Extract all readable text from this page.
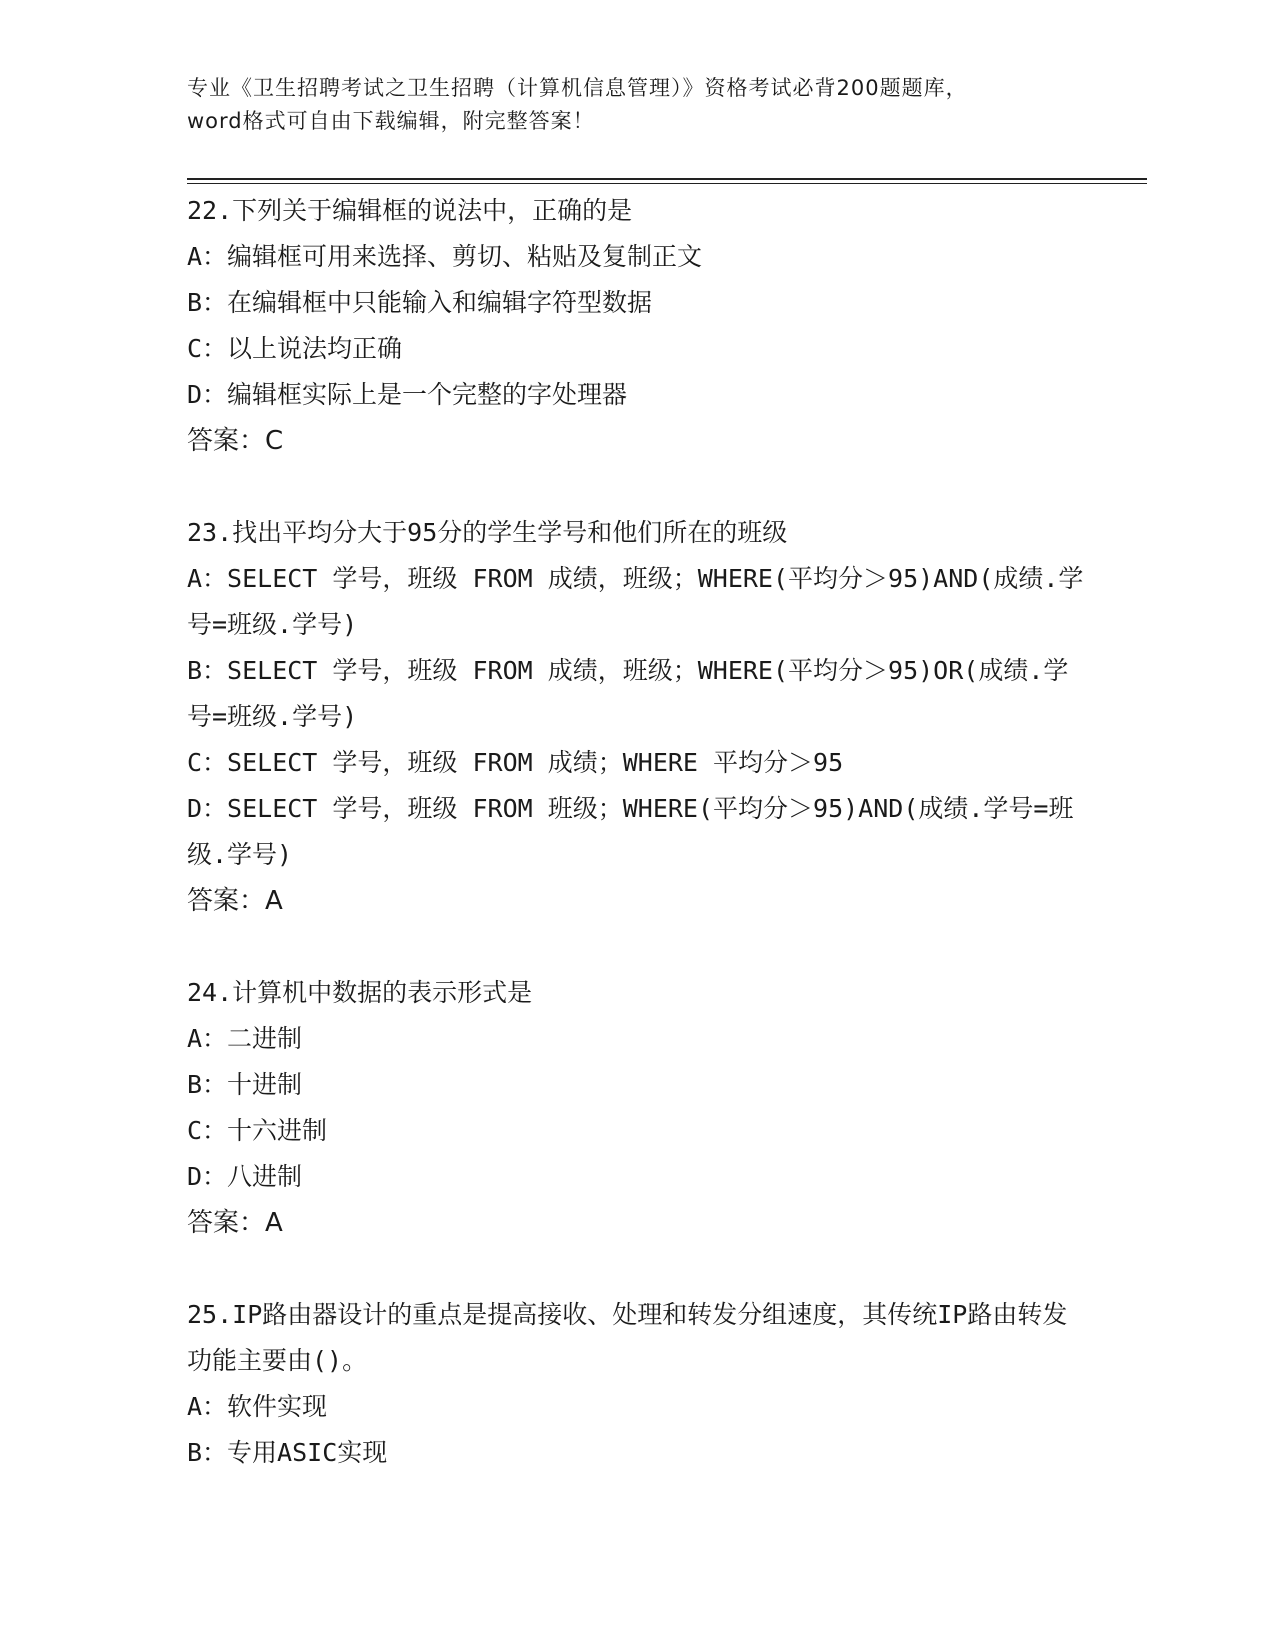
专业《卫生招聘考试之卫生招聘（计算机信息管理）》资格考试必背200题题库，
word格式可自由下载编辑，附完整答案！
22.下列关于编辑框的说法中，正确的是
A：编辑框可用来选择、剪切、粘贴及复制正文
B：在编辑框中只能输入和编辑字符型数据
C：以上说法均正确
D：编辑框实际上是一个完整的字处理器
答案：C
23.找出平均分大于95分的学生学号和他们所在的班级
A：SELECT 学号，班级 FROM 成绩，班级；WHERE(平均分＞95)AND(成绩.学号=班级.学号)
B：SELECT 学号，班级 FROM 成绩，班级；WHERE(平均分＞95)OR(成绩.学号=班级.学号)
C：SELECT 学号，班级 FROM 成绩；WHERE 平均分＞95
D：SELECT 学号，班级 FROM 班级；WHERE(平均分＞95)AND(成绩.学号=班级.学号)
答案：A
24.计算机中数据的表示形式是
A：二进制
B：十进制
C：十六进制
D：八进制
答案：A
25.IP路由器设计的重点是提高接收、处理和转发分组速度，其传统IP路由转发功能主要由()。
A：软件实现
B：专用ASIC实现
